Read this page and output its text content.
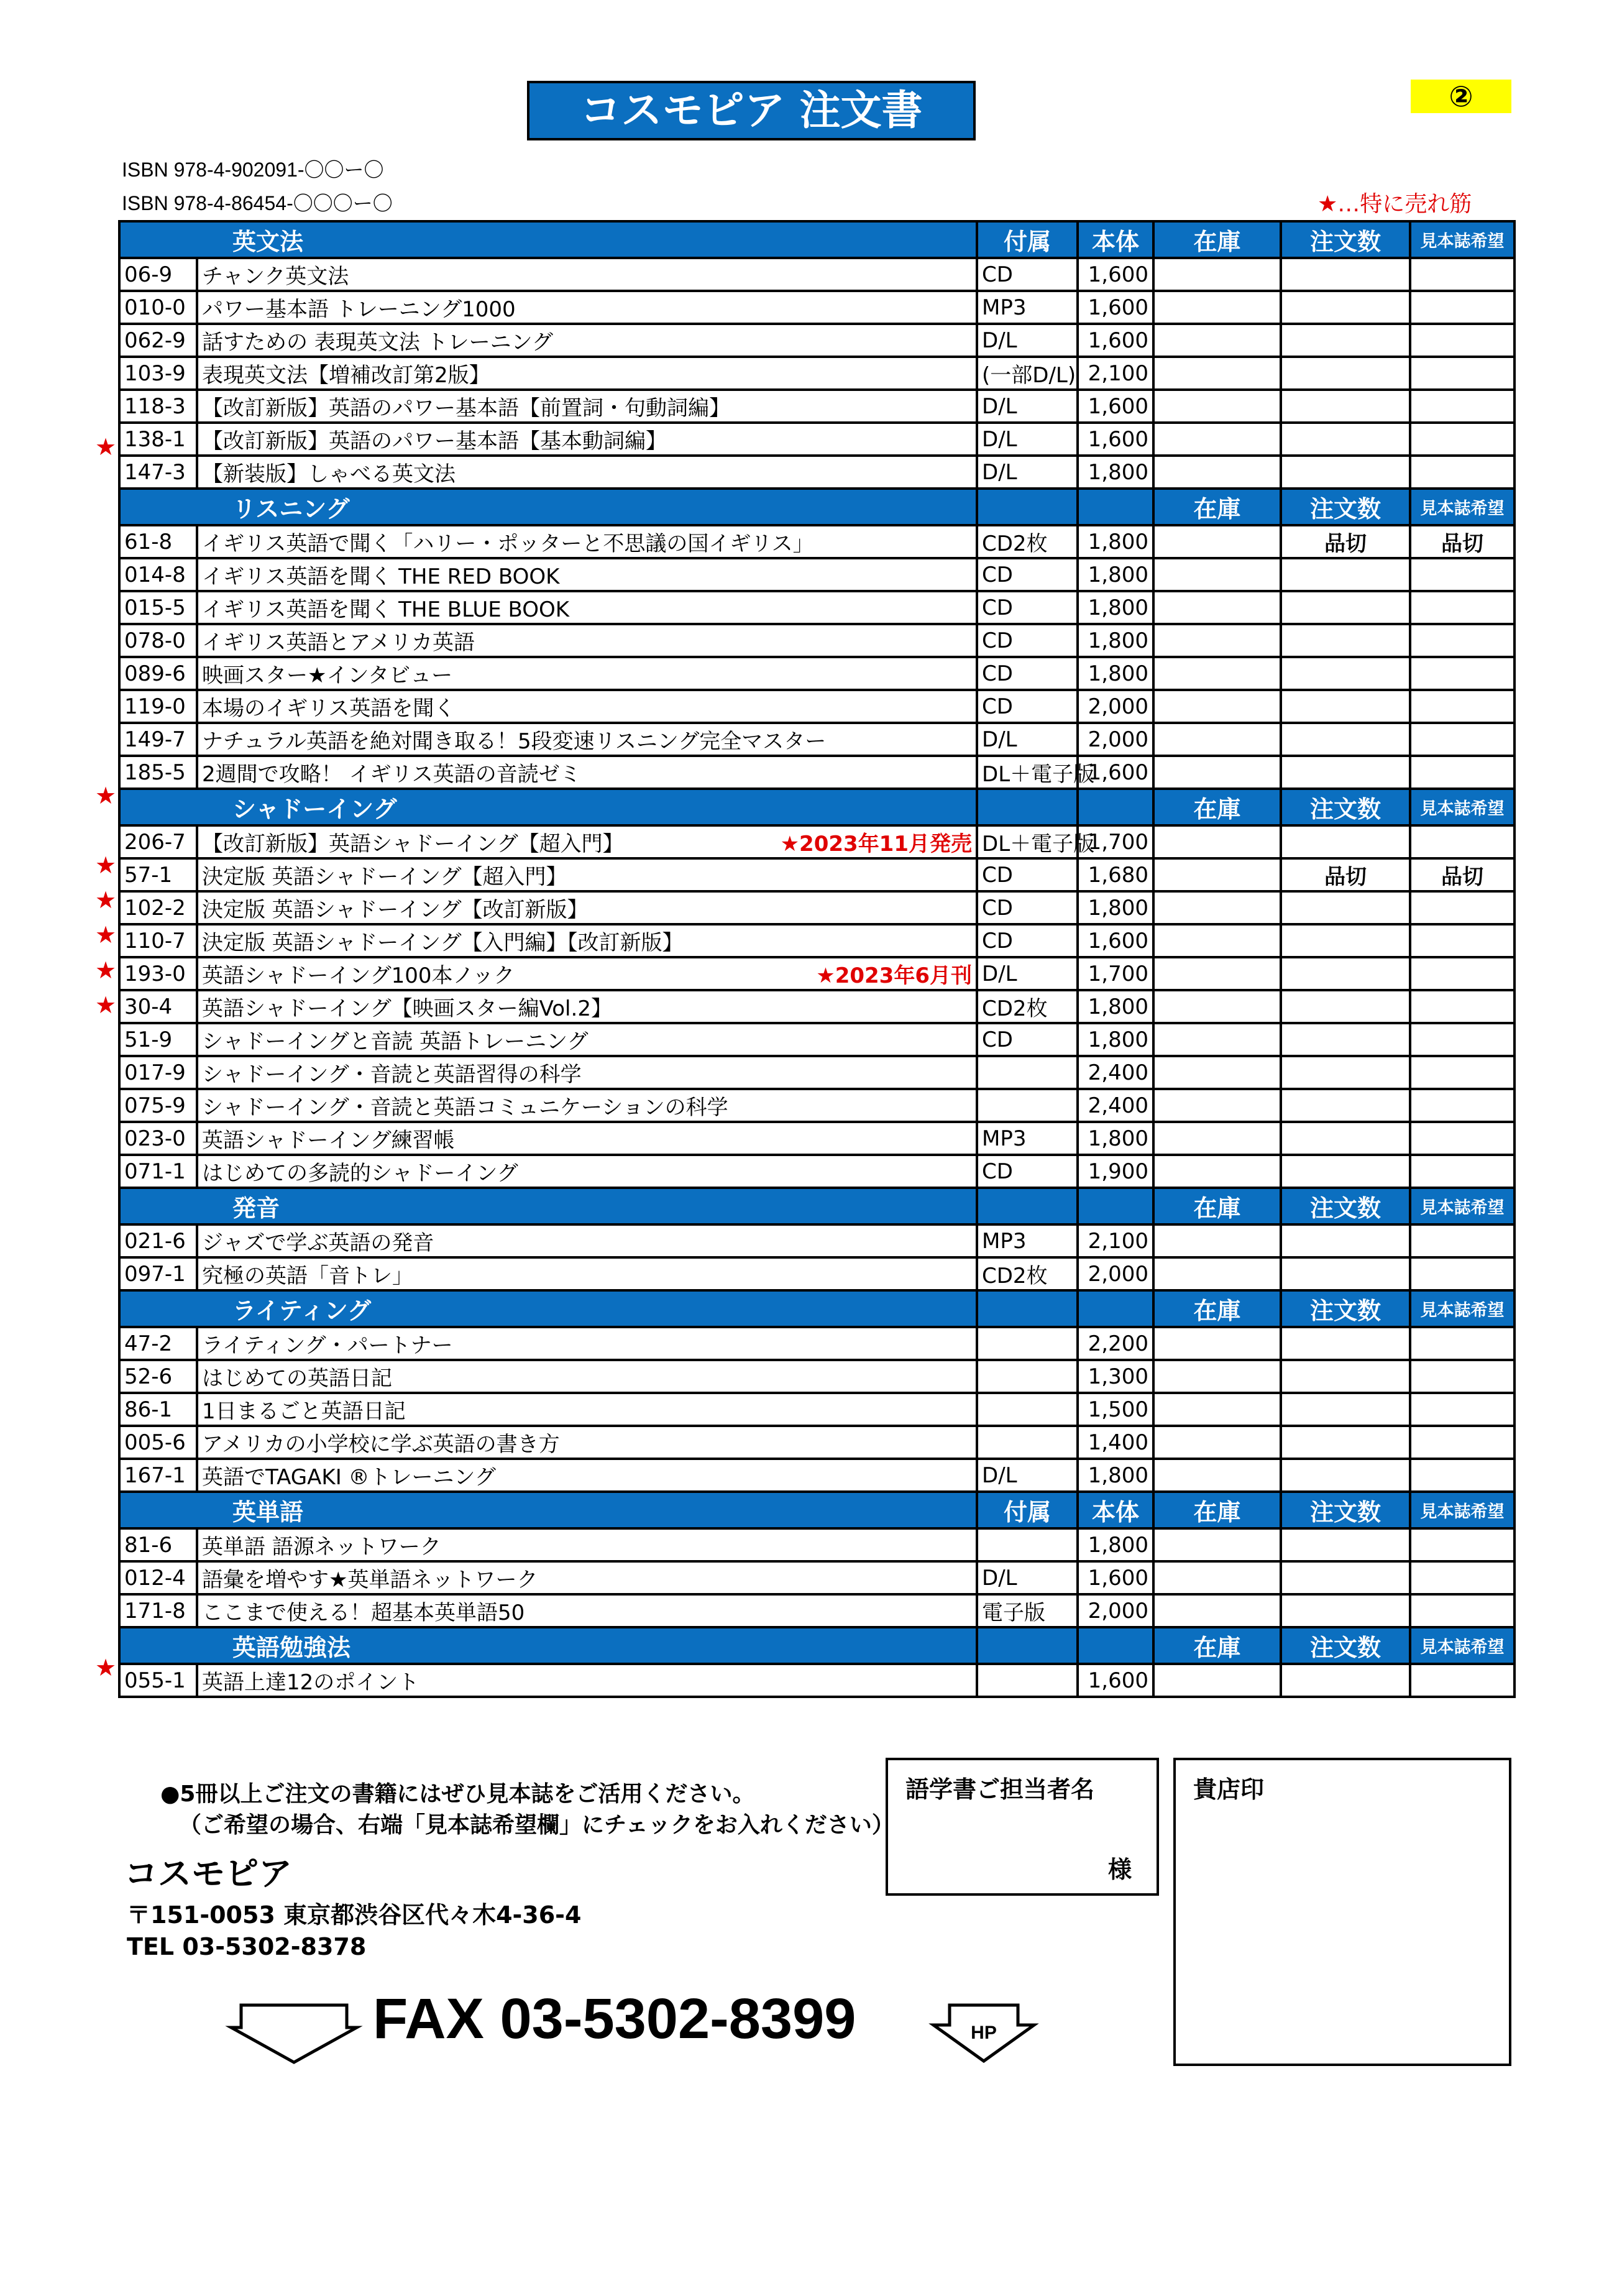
コスモピア 注文書	②
ISBN 978-4-902091-〇〇ー〇
ISBN 978-4-86454-〇〇〇ー〇	★…特に売れ筋
英文法		付属	本体	在庫	注文数	見本誌希望
06-9	チャンク英文法	CD	1,600			
010-0	パワー基本語 トレーニング1000	MP3	1,600			
062-9	話すための 表現英文法 トレーニング	D/L	1,600			
103-9	表現英文法【増補改訂第2版】	(一部D/L)	2,100			
118-3	【改訂新版】英語のパワー基本語【前置詞・句動詞編】	D/L	1,600			
138-1	【改訂新版】英語のパワー基本語【基本動詞編】	D/L	1,600			
147-3	【新装版】しゃべる英文法	D/L	1,800			
リスニング				在庫	注文数	見本誌希望
61-8	イギリス英語で聞く「ハリー・ポッターと不思議の国イギリス」	CD2枚	1,800		品切	品切
014-8	イギリス英語を聞く THE RED BOOK	CD	1,800			
015-5	イギリス英語を聞く THE BLUE BOOK	CD	1,800			
078-0	イギリス英語とアメリカ英語	CD	1,800			
089-6	映画スター★インタビュー	CD	1,800			
119-0	本場のイギリス英語を聞く	CD	2,000			
149-7	ナチュラル英語を絶対聞き取る！5段変速リスニング完全マスター	D/L	2,000			
185-5	2週間で攻略！ イギリス英語の音読ゼミ	DL＋電子版	1,600			
シャドーイング				在庫	注文数	見本誌希望
206-7	【改訂新版】英語シャドーイング【超入門】 ★2023年11月発売	DL＋電子版	1,700			
57-1	決定版 英語シャドーイング【超入門】	CD	1,680		品切	品切
102-2	決定版 英語シャドーイング【改訂新版】	CD	1,800			
110-7	決定版 英語シャドーイング【入門編】【改訂新版】	CD	1,600			
193-0	英語シャドーイング100本ノック ★2023年6月刊	D/L	1,700			
30-4	英語シャドーイング【映画スター編Vol.2】	CD2枚	1,800			
51-9	シャドーイングと音読 英語トレーニング	CD	1,800			
017-9	シャドーイング・音読と英語習得の科学		2,400			
075-9	シャドーイング・音読と英語コミュニケーションの科学		2,400			
023-0	英語シャドーイング練習帳	MP3	1,800			
071-1	はじめての多読的シャドーイング	CD	1,900			
発音				在庫	注文数	見本誌希望
021-6	ジャズで学ぶ英語の発音	MP3	2,100			
097-1	究極の英語「音トレ」	CD2枚	2,000			
ライティング				在庫	注文数	見本誌希望
47-2	ライティング・パートナー		2,200			
52-6	はじめての英語日記		1,300			
86-1	1日まるごと英語日記		1,500			
005-6	アメリカの小学校に学ぶ英語の書き方		1,400			
167-1	英語でTAGAKI ®トレーニング	D/L	1,800			
英単語		付属	本体	在庫	注文数	見本誌希望
81-6	英単語 語源ネットワーク		1,800			
012-4	語彙を増やす★英単語ネットワーク	D/L	1,600			
171-8	ここまで使える！超基本英単語50	電子版	2,000			
英語勉強法				在庫	注文数	見本誌希望
055-1	英語上達12のポイント		1,600			
★
★
★
★
★
★
★
★
●5冊以上ご注文の書籍にはぜひ見本誌をご活用ください。
（ご希望の場合、右端「見本誌希望欄」にチェックをお入れください）
コスモピア
〒151-0053 東京都渋谷区代々木4-36-4
TEL 03-5302-8378
語学書ご担当者名
様
貴店印
FAX 03-5302-8399	HP
